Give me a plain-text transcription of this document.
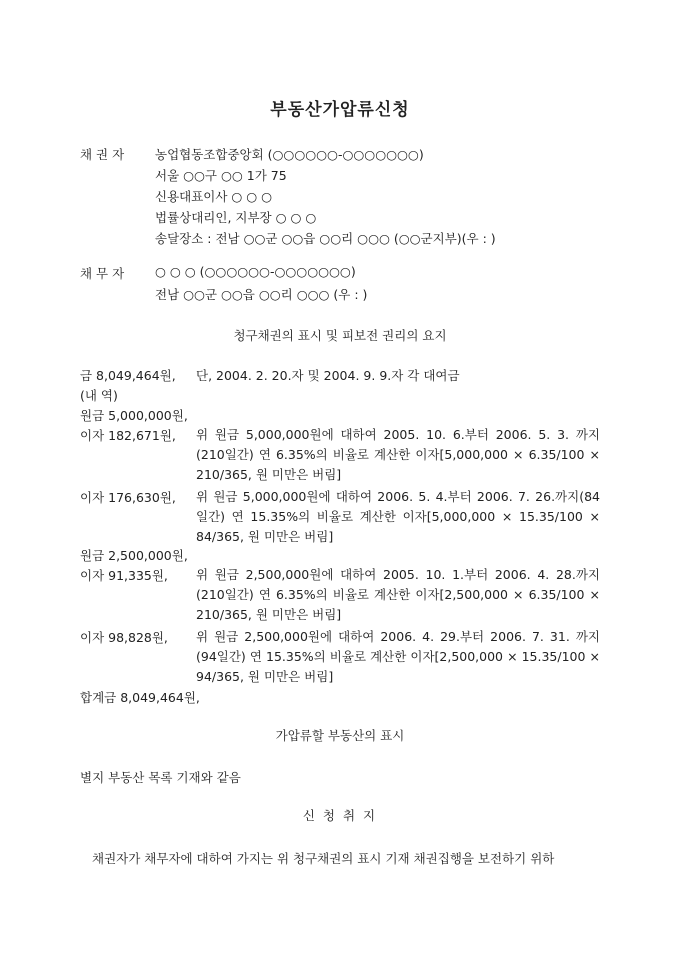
부동산가압류신청
채 권 자 농업협동조합중앙회 (○○○○○○-○○○○○○○)
서울 ○○구 ○○ 1가 75
신용대표이사 ○ ○ ○
법률상대리인, 지부장 ○ ○ ○
송달장소 : 전남 ○○군 ○○읍 ○○리 ○○○ (○○군지부)(우 : )
채 무 자 ○ ○ ○ (○○○○○○-○○○○○○○)
전남 ○○군 ○○읍 ○○리 ○○○ (우 : )
청구채권의 표시 및 피보전 권리의 요지
금 8,049,464원, 단, 2004. 2. 20.자 및 2004. 9. 9.자 각 대여금
(내 역)
원금 5,000,000원,
이자 182,671원, 위 원금 5,000,000원에 대하여 2005. 10. 6.부터 2006. 5. 3. 까지(210일간) 연 6.35%의 비율로 계산한 이자[5,000,000 × 6.35/100 × 210/365, 원 미만은 버림]
이자 176,630원, 위 원금 5,000,000원에 대하여 2006. 5. 4.부터 2006. 7. 26.까지(84일간) 연 15.35%의 비율로 계산한 이자[5,000,000 × 15.35/100 × 84/365, 원 미만은 버림]
원금 2,500,000원,
이자 91,335원, 위 원금 2,500,000원에 대하여 2005. 10. 1.부터 2006. 4. 28.까지(210일간) 연 6.35%의 비율로 계산한 이자[2,500,000 × 6.35/100 × 210/365, 원 미만은 버림]
이자 98,828원, 위 원금 2,500,000원에 대하여 2006. 4. 29.부터 2006. 7. 31. 까지(94일간) 연 15.35%의 비율로 계산한 이자[2,500,000 × 15.35/100 × 94/365, 원 미만은 버림]
합계금 8,049,464원,
가압류할 부동산의 표시
별지 부동산 목록 기재와 같음
신 청 취 지
채권자가 채무자에 대하여 가지는 위 청구채권의 표시 기재 채권집행을 보전하기 위하
